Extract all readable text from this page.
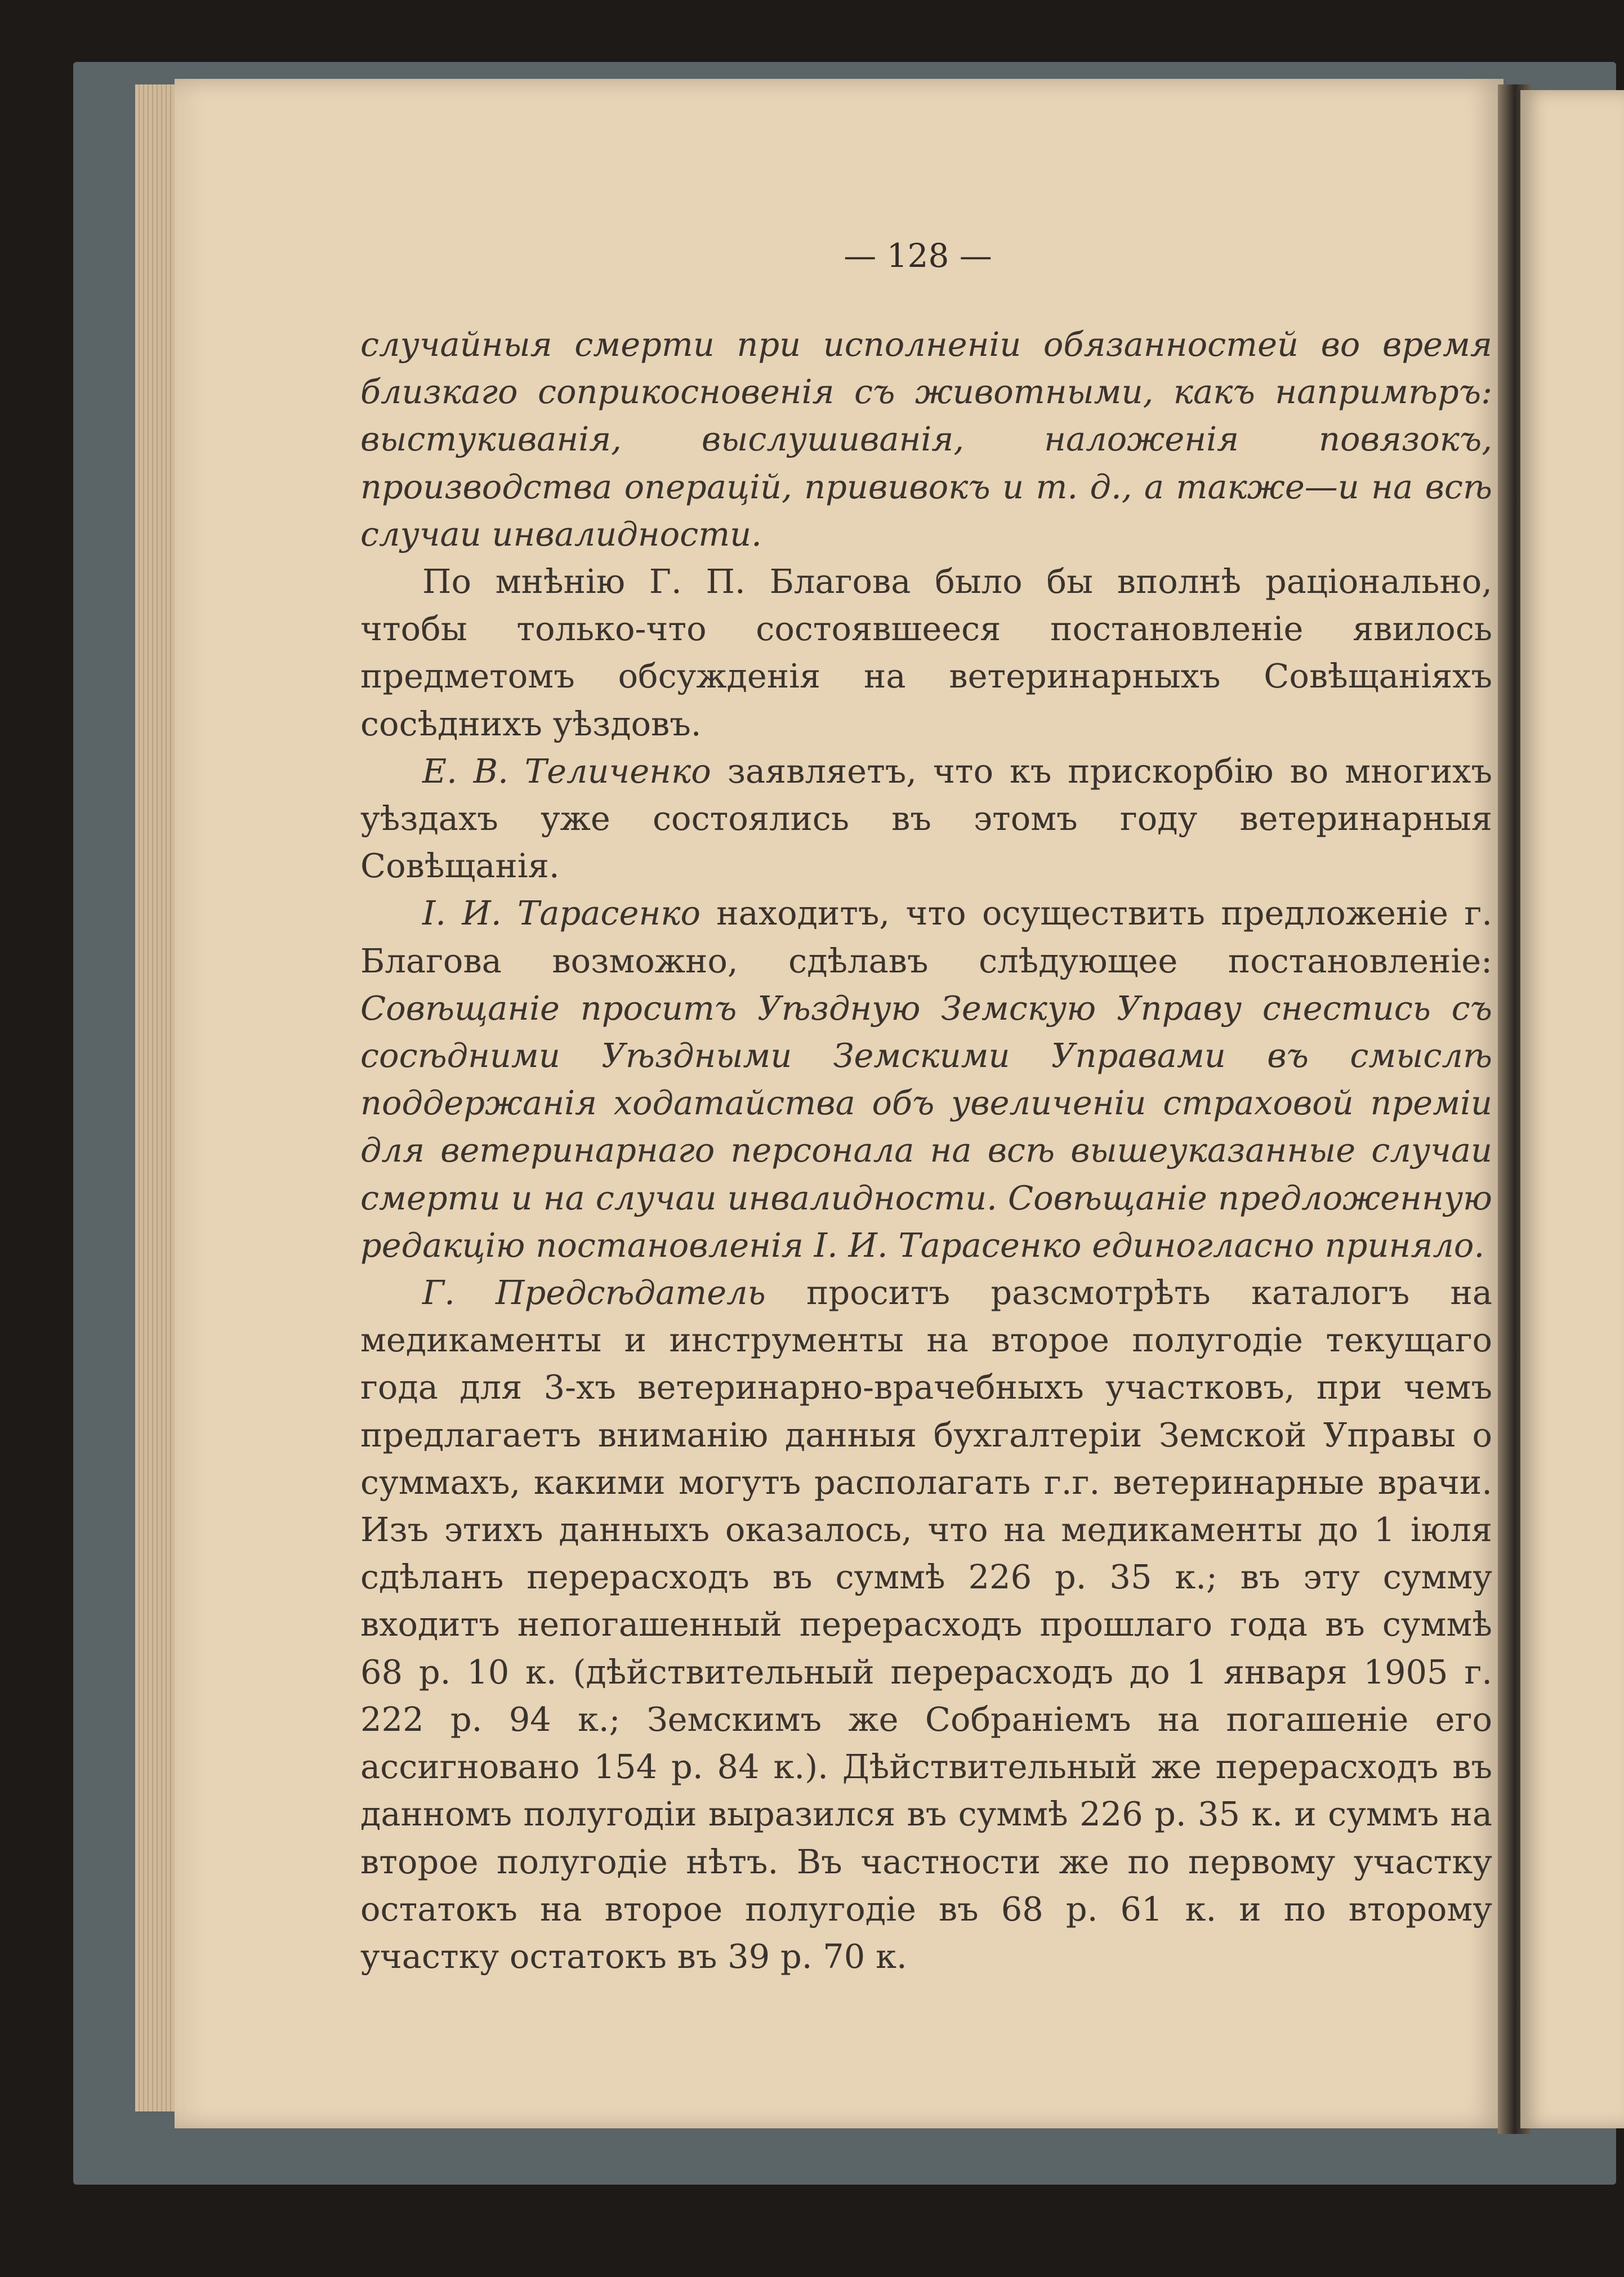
— 128 —

случайныя смерти при исполненіи обязанностей во время близкаго соприкосновенія съ животными, какъ напримѣръ: выстукиванія, выслушиванія, наложенія повязокъ, производства операцій, прививокъ и т. д., а также—и на всѣ случаи инвалидности.

По мнѣнію Г. П. Благова было бы вполнѣ раціонально, чтобы только-что состоявшееся постановленіе явилось предметомъ обсужденія на ветеринарныхъ Совѣщаніяхъ сосѣднихъ уѣздовъ.

Е. В. Теличенко заявляетъ, что къ прискорбію во многихъ уѣздахъ уже состоялись въ этомъ году ветеринарныя Совѣщанія.

І. И. Тарасенко находитъ, что осуществить предложеніе г. Благова возможно, сдѣлавъ слѣдующее постановленіе: Совѣщаніе проситъ Уѣздную Земскую Управу снестись съ сосѣдними Уѣздными Земскими Управами въ смыслѣ поддержанія ходатайства объ увеличеніи страховой преміи для ветеринарнаго персонала на всѣ вышеуказанные случаи смерти и на случаи инвалидности. Совѣщаніе предложенную редакцію постановленія І. И. Тарасенко единогласно приняло.

Г. Предсѣдатель проситъ разсмотрѣть каталогъ на медикаменты и инструменты на второе полугодіе текущаго года для 3-хъ ветеринарно-врачебныхъ участковъ, при чемъ предлагаетъ вниманію данныя бухгалтеріи Земской Управы о суммахъ, какими могутъ располагать г.г. ветеринарные врачи. Изъ этихъ данныхъ оказалось, что на медикаменты до 1 іюля сдѣланъ перерасходъ въ суммѣ 226 р. 35 к.; въ эту сумму входитъ непогашенный перерасходъ прошлаго года въ суммѣ 68 р. 10 к. (дѣйствительный перерасходъ до 1 января 1905 г. 222 р. 94 к.; Земскимъ же Собраніемъ на погашеніе его ассигновано 154 р. 84 к.). Дѣйствительный же перерасходъ въ данномъ полугодіи выразился въ суммѣ 226 р. 35 к. и суммъ на второе полугодіе нѣтъ. Въ частности же по первому участку остатокъ на второе полугодіе въ 68 р. 61 к. и по второму участку остатокъ въ 39 р. 70 к.
